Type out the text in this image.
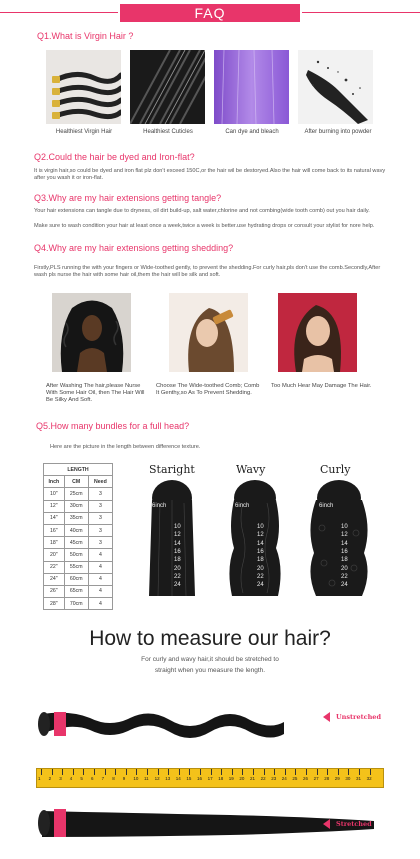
FAQ
Q1.What is Virgin Hair ?
Healthiest Virgin Hair	Healthiest Cuticles	Can dye and bleach	After burning into powder
Q2.Could the hair be dyed and Iron-flat?
It is virgin hair,so could be dyed and iron flat plz don't exceed 150C,or the hair wil be destoryed.Also the hair will come back to its natural wavy after you wash it or iron-flat.
Q3.Why are my hair extensions getting tangle?
Your hair extensions can tangle due to dryness, oil dirt build-up, salt water,chlorine and not combing(wide tooth comb) out you hair daily.
Make sure to wash condition your hair at least once a week,twice a week is better.use hydrating drops or consult your stylist for nore help.
Q4.Why are my hair extensions getting shedding?
Firstly,PLS running the with your fingers or Wide-toothed gently, to prevent the shedding.For curly hair,pls don't use the comb.Secondly,After wash pls nurse the hair with some hair oil,them the hair will be silk and soft.
After Washing The hair,please Nurse With Some Hair Oil, then The Hair Will Be Silky And Soft.
Choose The Wide-toothed Comb; Comb It Genthy,so As To Prevent Shedding.
Too Much Hear May Damage The Hair.
Q5.How many bundles for a full head?
Here are the picture in the length between difference texture.
LENGTH		
Inch	CM	Need
10"	25cm	3
12"	30cm	3
14"	35cm	3
16"	40cm	3
18"	45cm	3
20"	50cm	4
22"	55cm	4
24"	60cm	4
26"	65cm	4
28"	70cm	4
Staright	Wavy	Curly
6inch	6inch	6inch
10
12
14
16
18
20
22
24
10
12
14
16
18
20
22
24
10
12
14
16
18
20
22
24
How to measure our hair?
For curly and wavy hair,it should be stretched to
straight when you measure the length.
Unstretched
1 2 3 4 5 6 7 8 9 10 11 12 13 14 15 16 17 18 19 20 21 22 23 24 25 26 27 28 29 30 31 32
Stretched
